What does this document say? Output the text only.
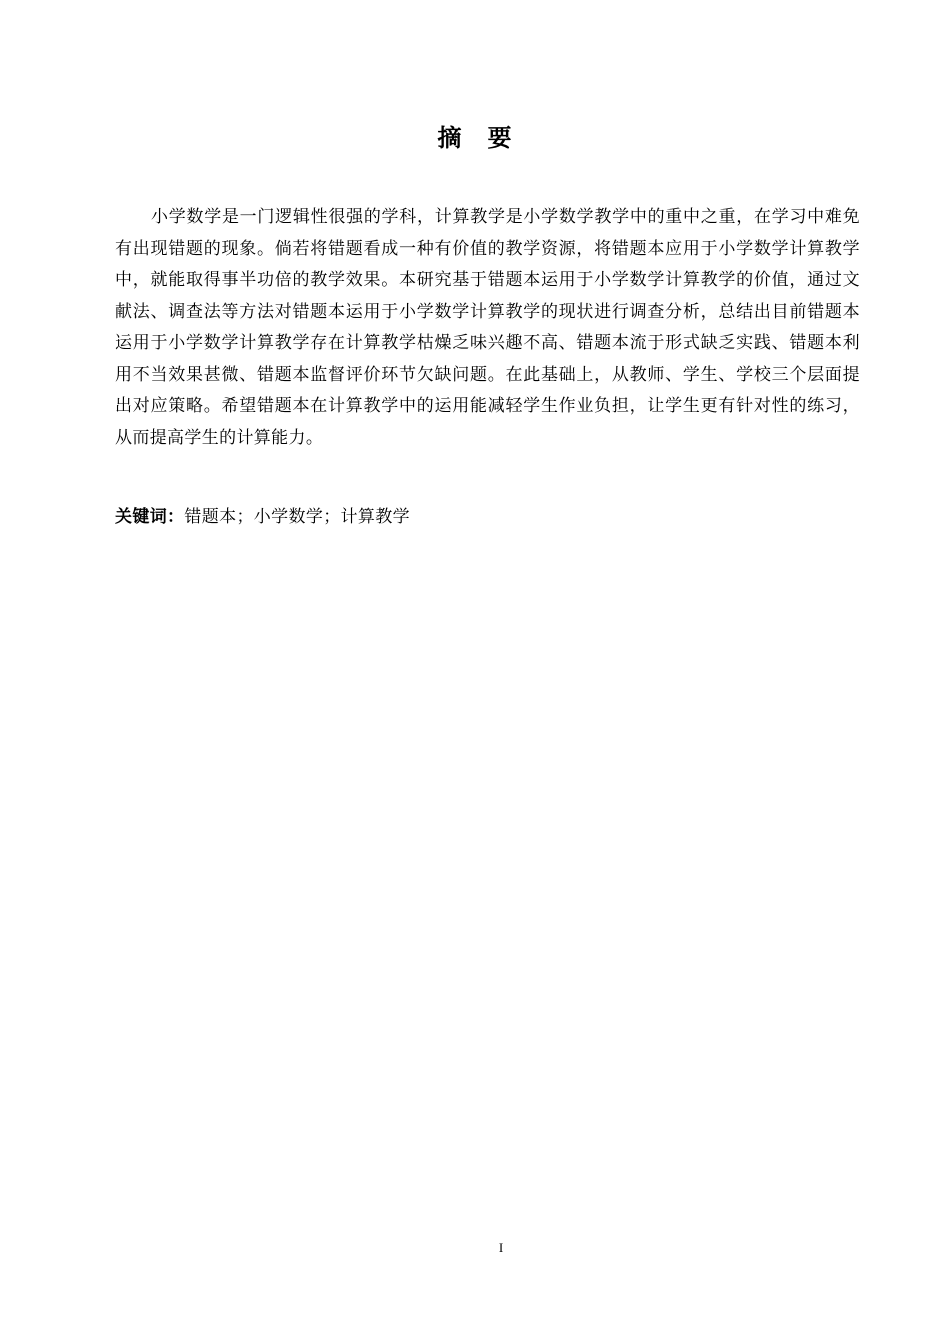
摘要

小学数学是一门逻辑性很强的学科，计算教学是小学数学教学中的重中之重，在学习中难免有出现错题的现象。倘若将错题看成一种有价值的教学资源，将错题本应用于小学数学计算教学中，就能取得事半功倍的教学效果。本研究基于错题本运用于小学数学计算教学的价值，通过文献法、调查法等方法对错题本运用于小学数学计算教学的现状进行调查分析，总结出目前错题本运用于小学数学计算教学存在计算教学枯燥乏味兴趣不高、错题本流于形式缺乏实践、错题本利用不当效果甚微、错题本监督评价环节欠缺问题。在此基础上，从教师、学生、学校三个层面提出对应策略。希望错题本在计算教学中的运用能减轻学生作业负担，让学生更有针对性的练习，从而提高学生的计算能力。

关键词：错题本；小学数学；计算教学
I
